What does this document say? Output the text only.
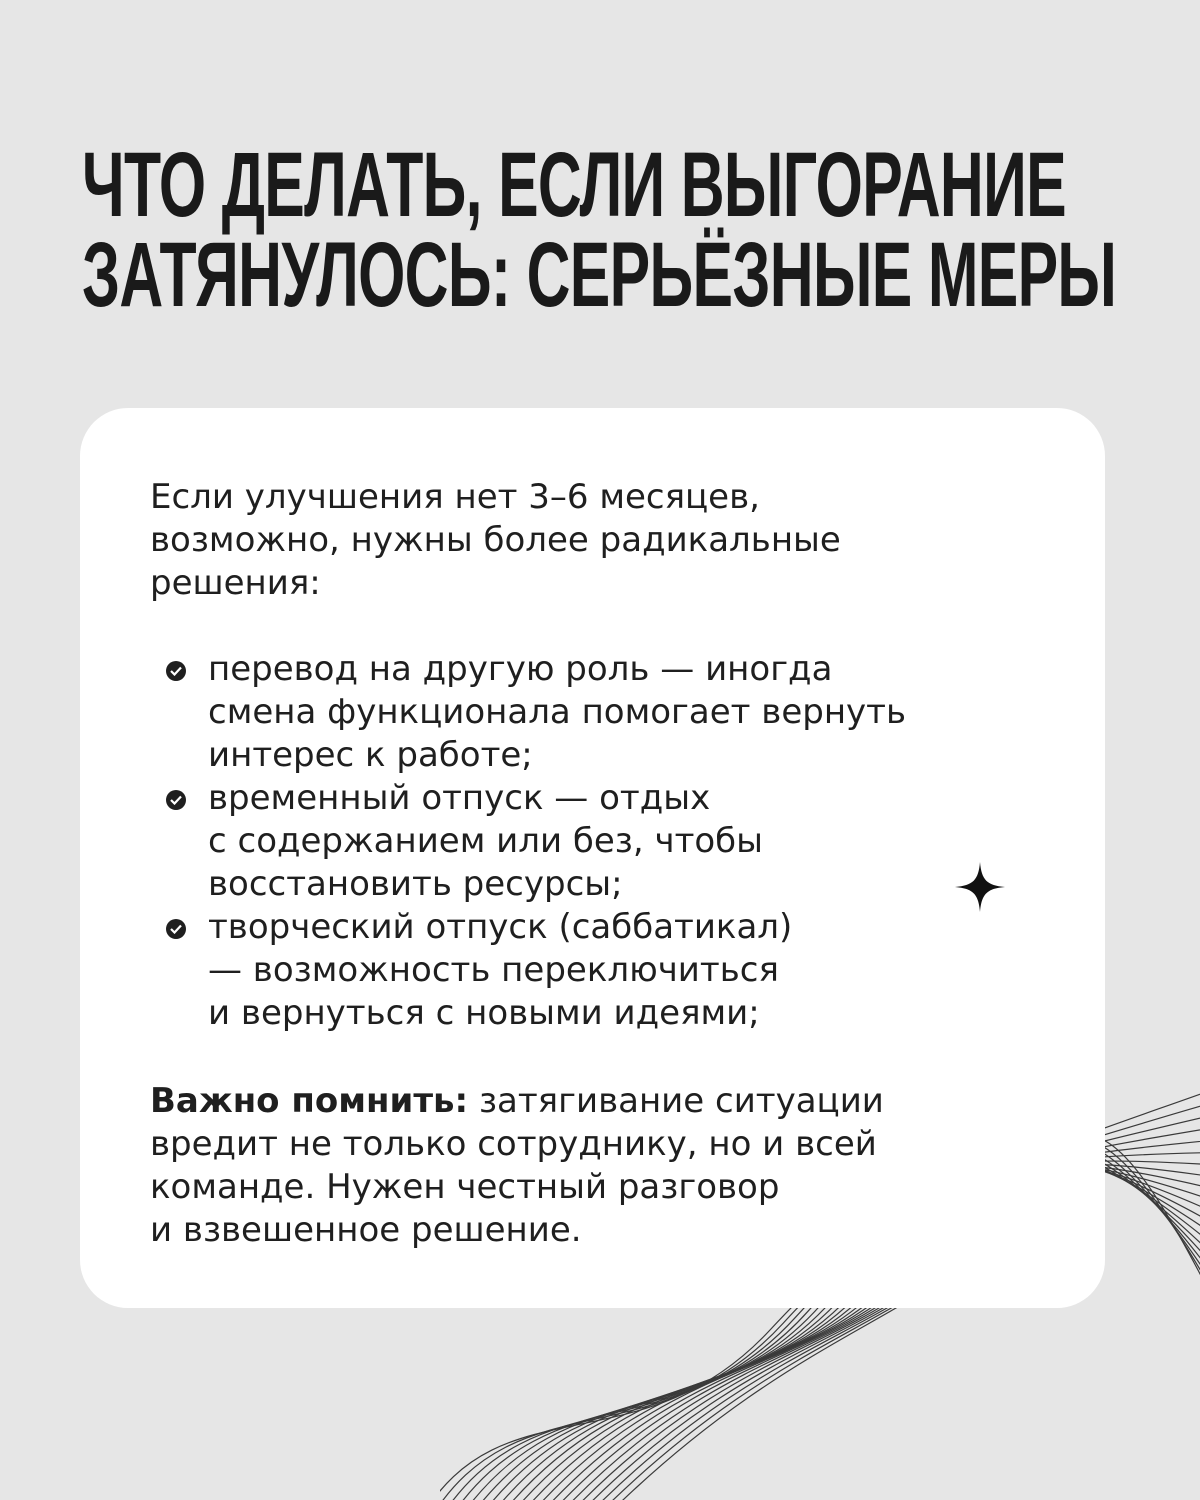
ЧТО ДЕЛАТЬ, ЕСЛИ ВЫГОРАНИЕ
ЗАТЯНУЛОСЬ: СЕРЬЁЗНЫЕ МЕРЫ

Если улучшения нет 3–6 месяцев,
возможно, нужны более радикальные
решения:

перевод на другую роль — иногда
смена функционала помогает вернуть
интерес к работе;
временный отпуск — отдых
с содержанием или без, чтобы
восстановить ресурсы;
творческий отпуск (саббатикал)
— возможность переключиться
и вернуться с новыми идеями;

Важно помнить: затягивание ситуации
вредит не только сотруднику, но и всей
команде. Нужен честный разговор
и взвешенное решение.
